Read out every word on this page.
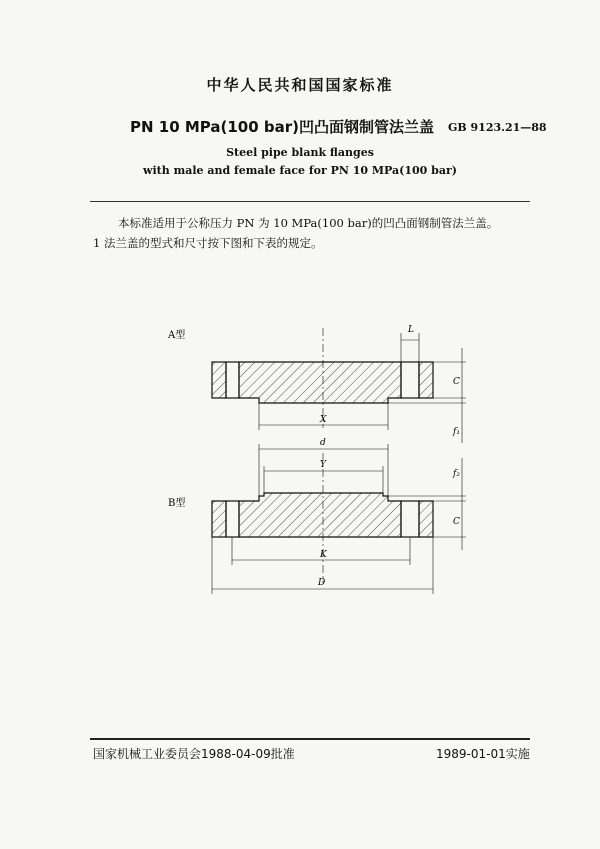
中华人民共和国国家标准
PN 10 MPa(100 bar)凹凸面钢制管法兰盖 GB 9123.21—88
Steel pipe blank flanges
with male and female face for PN 10 MPa(100 bar)
本标准适用于公称压力 PN 为 10 MPa(100 bar)的凹凸面钢制管法兰盖。
1 法兰盖的型式和尺寸按下图和下表的规定。
A型	L
C
f₁
X
d
Y
B型
f₂
C
K
D
国家机械工业委员会1988-04-09批准	1989-01-01实施
